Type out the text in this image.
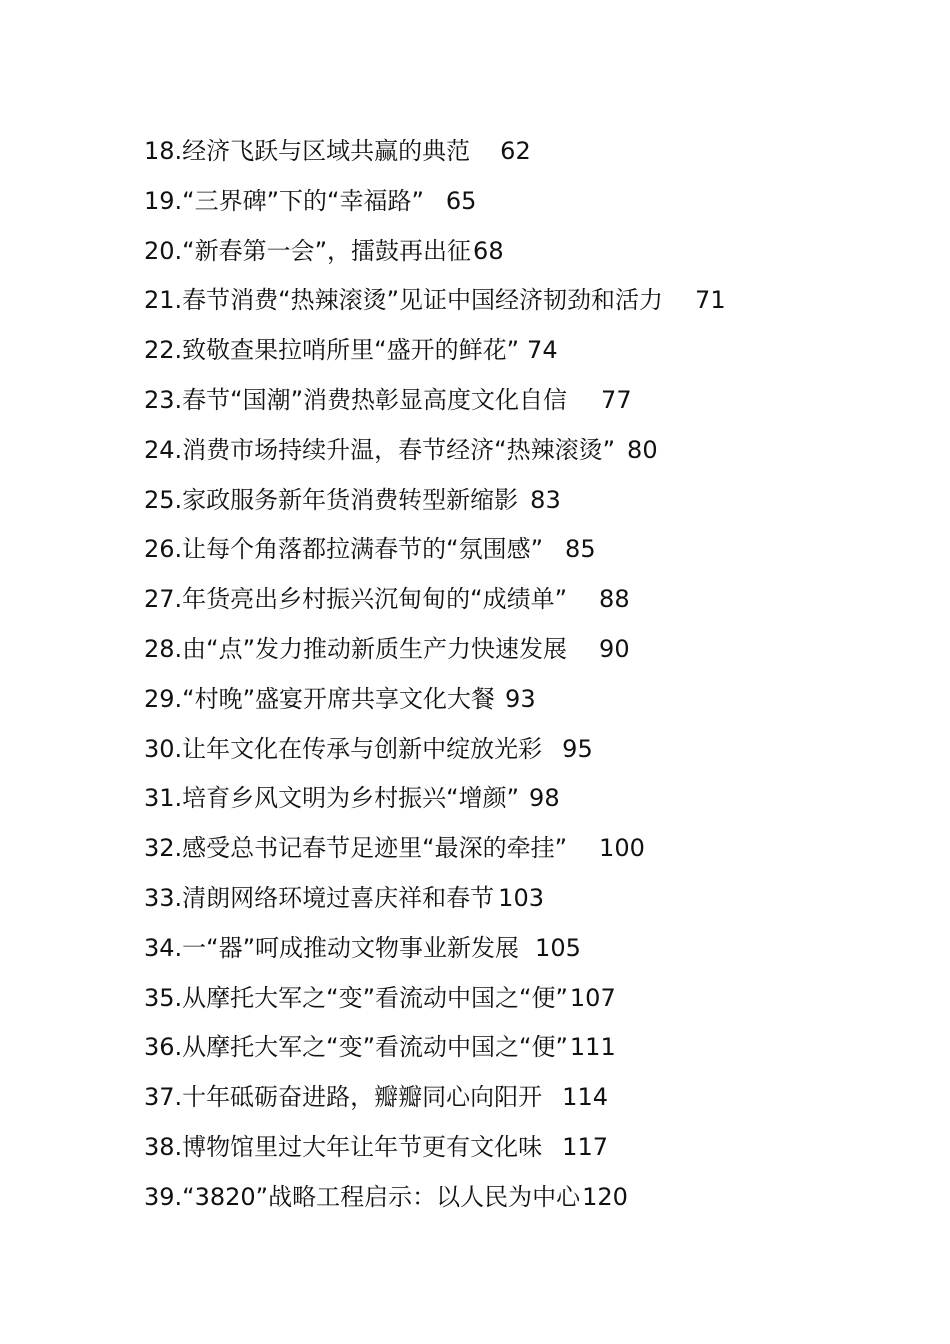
18.经济飞跃与区域共赢的典范 62
19.“三界碑”下的“幸福路” 65
20.“新春第一会”，擂鼓再出征68
21.春节消费“热辣滚烫”见证中国经济韧劲和活力 71
22.致敬查果拉哨所里“盛开的鲜花” 74
23.春节“国潮”消费热彰显高度文化自信 77
24.消费市场持续升温，春节经济“热辣滚烫” 80
25.家政服务新年货消费转型新缩影 83
26.让每个角落都拉满春节的“氛围感” 85
27.年货亮出乡村振兴沉甸甸的“成绩单” 88
28.由“点”发力推动新质生产力快速发展 90
29.“村晚”盛宴开席共享文化大餐 93
30.让年文化在传承与创新中绽放光彩 95
31.培育乡风文明为乡村振兴“增颜” 98
32.感受总书记春节足迹里“最深的牵挂” 100
33.清朗网络环境过喜庆祥和春节 103
34.一“器”呵成推动文物事业新发展 105
35.从摩托大军之“变”看流动中国之“便”107
36.从摩托大军之“变”看流动中国之“便”111
37.十年砥砺奋进路，瓣瓣同心向阳开 114
38.博物馆里过大年让年节更有文化味 117
39.“3820”战略工程启示：以人民为中心120
